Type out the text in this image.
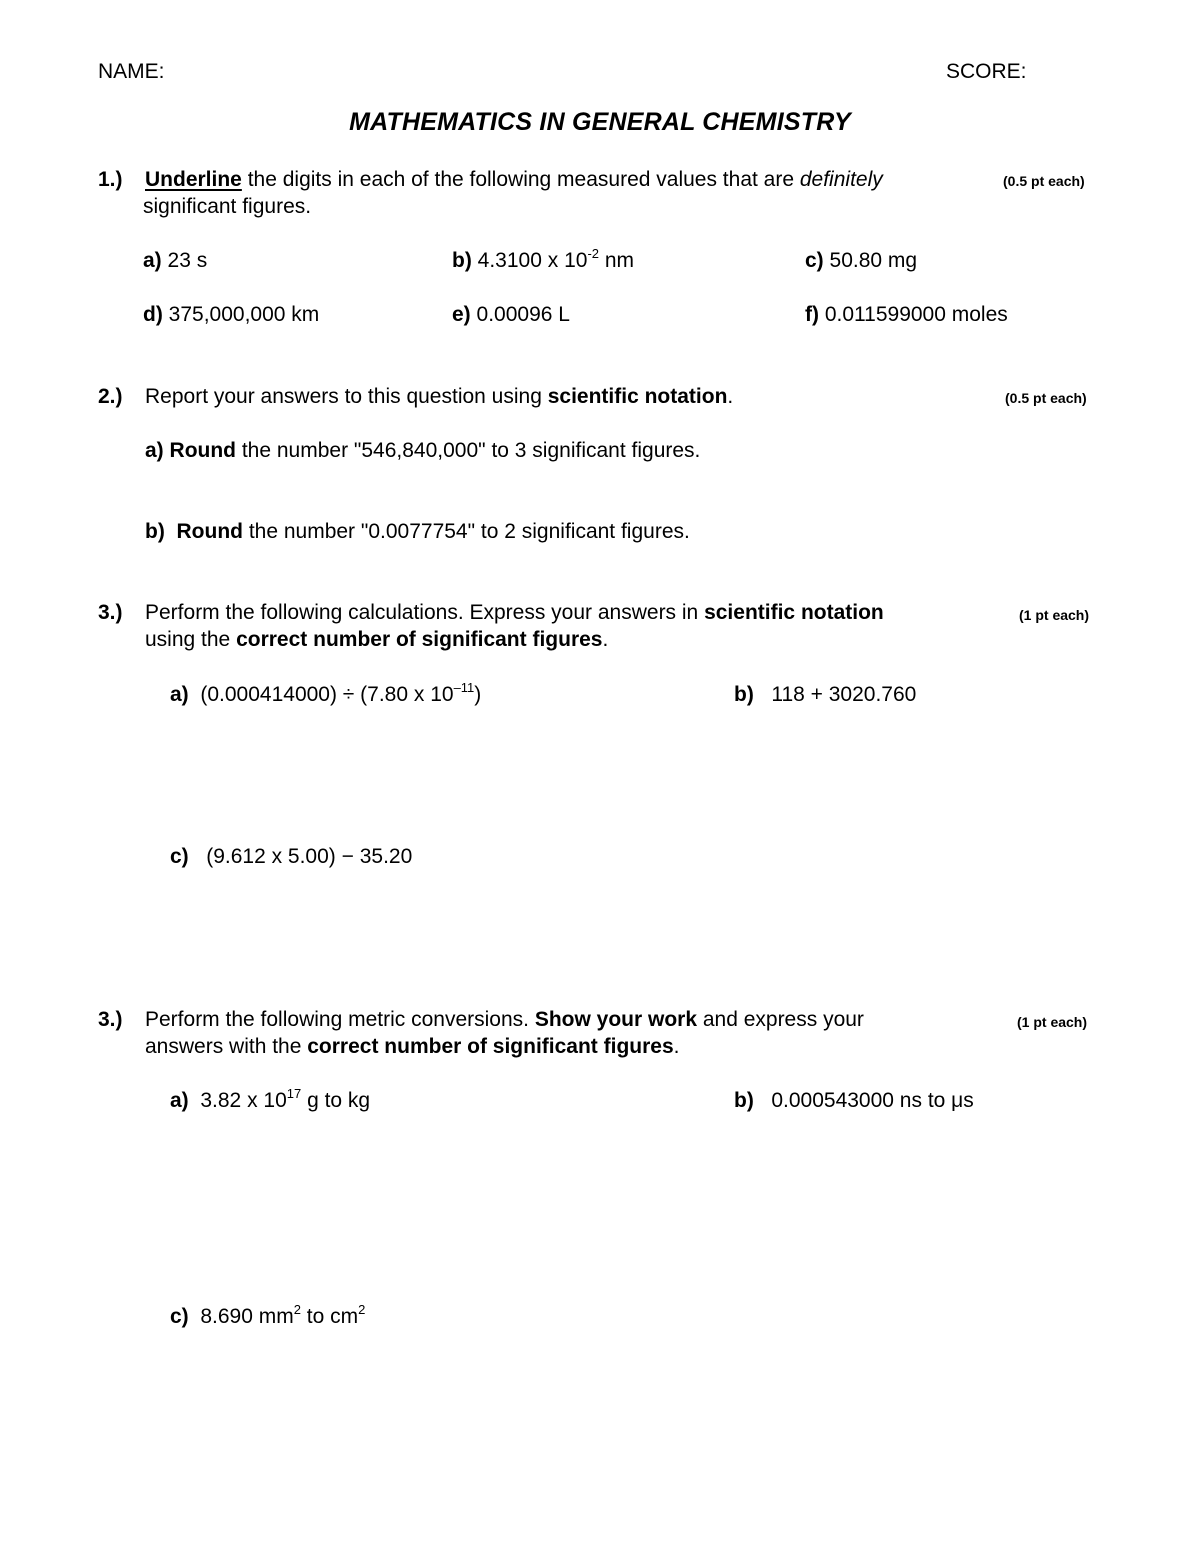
NAME:	SCORE:
MATHEMATICS IN GENERAL CHEMISTRY
1.) Underline the digits in each of the following measured values that are definitely	(0.5 pt each)
significant figures.
a) 23 s	b) 4.3100 x $10^{-2}$ nm	c) 50.80 mg
d) 375,000,000 km	e) 0.00096 L	f) 0.011599000 moles
2.) Report your answers to this question using scientific notation.	(0.5 pt each)
a) Round the number "546,840,000" to 3 significant figures.
b) Round the number "0.0077754" to 2 significant figures.
3.) Perform the following calculations. Express your answers in scientific notation	(1 pt each)
using the correct number of significant figures.
a) (0.000414000) ÷ (7.80 x $10^{-11}$)	b) 118 + 3020.760
c) (9.612 x 5.00) − 35.20
3.) Perform the following metric conversions. Show your work and express your	(1 pt each)
answers with the correct number of significant figures.
a) 3.82 x $10^{17}$ g to kg	b) 0.000543000 ns to μs
c) 8.690 $mm^2$ to $cm^2$
